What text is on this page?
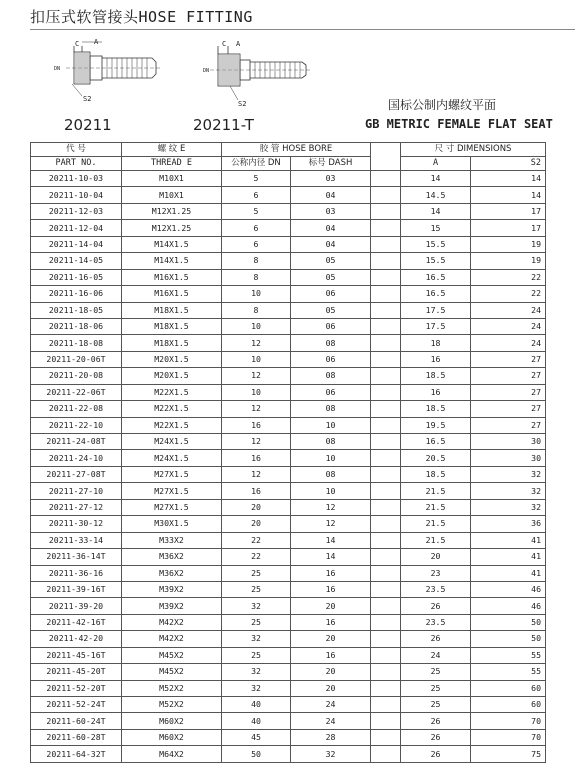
扣压式软管接头HOSE FITTING
C A
DN
S2
20211
C A
DN
S2
20211-T
国标公制内螺纹平面
GB METRIC FEMALE FLAT SEAT
代 号	螺 纹 E	胶 管 HOSE BORE			尺 寸 DIMENSIONS	
PART NO.	THREAD E	公称内径 DN	标号 DASH		A	S2
20211-10-03	M10X1	5	03		14	14
20211-10-04	M10X1	6	04		14.5	14
20211-12-03	M12X1.25	5	03		14	17
20211-12-04	M12X1.25	6	04		15	17
20211-14-04	M14X1.5	6	04		15.5	19
20211-14-05	M14X1.5	8	05		15.5	19
20211-16-05	M16X1.5	8	05		16.5	22
20211-16-06	M16X1.5	10	06		16.5	22
20211-18-05	M18X1.5	8	05		17.5	24
20211-18-06	M18X1.5	10	06		17.5	24
20211-18-08	M18X1.5	12	08		18	24
20211-20-06T	M20X1.5	10	06		16	27
20211-20-08	M20X1.5	12	08		18.5	27
20211-22-06T	M22X1.5	10	06		16	27
20211-22-08	M22X1.5	12	08		18.5	27
20211-22-10	M22X1.5	16	10		19.5	27
20211-24-08T	M24X1.5	12	08		16.5	30
20211-24-10	M24X1.5	16	10		20.5	30
20211-27-08T	M27X1.5	12	08		18.5	32
20211-27-10	M27X1.5	16	10		21.5	32
20211-27-12	M27X1.5	20	12		21.5	32
20211-30-12	M30X1.5	20	12		21.5	36
20211-33-14	M33X2	22	14		21.5	41
20211-36-14T	M36X2	22	14		20	41
20211-36-16	M36X2	25	16		23	41
20211-39-16T	M39X2	25	16		23.5	46
20211-39-20	M39X2	32	20		26	46
20211-42-16T	M42X2	25	16		23.5	50
20211-42-20	M42X2	32	20		26	50
20211-45-16T	M45X2	25	16		24	55
20211-45-20T	M45X2	32	20		25	55
20211-52-20T	M52X2	32	20		25	60
20211-52-24T	M52X2	40	24		25	60
20211-60-24T	M60X2	40	24		26	70
20211-60-28T	M60X2	45	28		26	70
20211-64-32T	M64X2	50	32		26	75
